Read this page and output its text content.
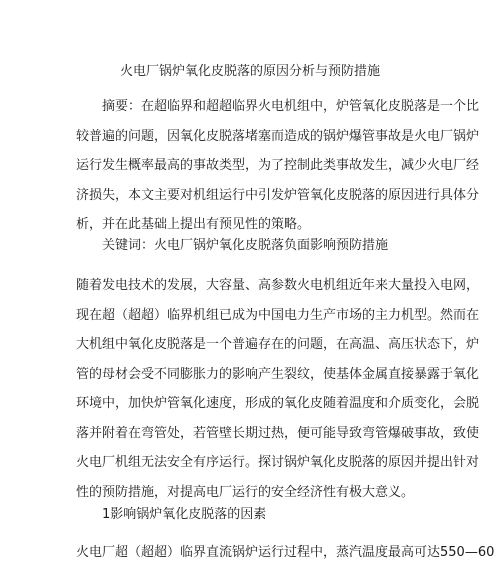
火电厂锅炉氧化皮脱落的原因分析与预防措施
摘要：在超临界和超超临界火电机组中，炉管氧化皮脱落是一个比
较普遍的问题，因氧化皮脱落堵塞而造成的锅炉爆管事故是火电厂锅炉
运行发生概率最高的事故类型，为了控制此类事故发生，减少火电厂经
济损失，本文主要对机组运行中引发炉管氧化皮脱落的原因进行具体分
析，并在此基础上提出有预见性的策略。
关键词：火电厂锅炉氧化皮脱落负面影响预防措施
随着发电技术的发展，大容量、高参数火电机组近年来大量投入电网，
现在超（超超）临界机组已成为中国电力生产市场的主力机型。然而在
大机组中氧化皮脱落是一个普遍存在的问题，在高温、高压状态下，炉
管的母材会受不同膨胀力的影响产生裂纹，使基体金属直接暴露于氧化
环境中，加快炉管氧化速度，形成的氧化皮随着温度和介质变化，会脱
落并附着在弯管处，若管壁长期过热，便可能导致弯管爆破事故，致使
火电厂机组无法安全有序运行。探讨锅炉氧化皮脱落的原因并提出针对
性的预防措施，对提高电厂运行的安全经济性有极大意义。
1影响锅炉氧化皮脱落的因素
火电厂超（超超）临界直流锅炉运行过程中，蒸汽温度最高可达550—60
